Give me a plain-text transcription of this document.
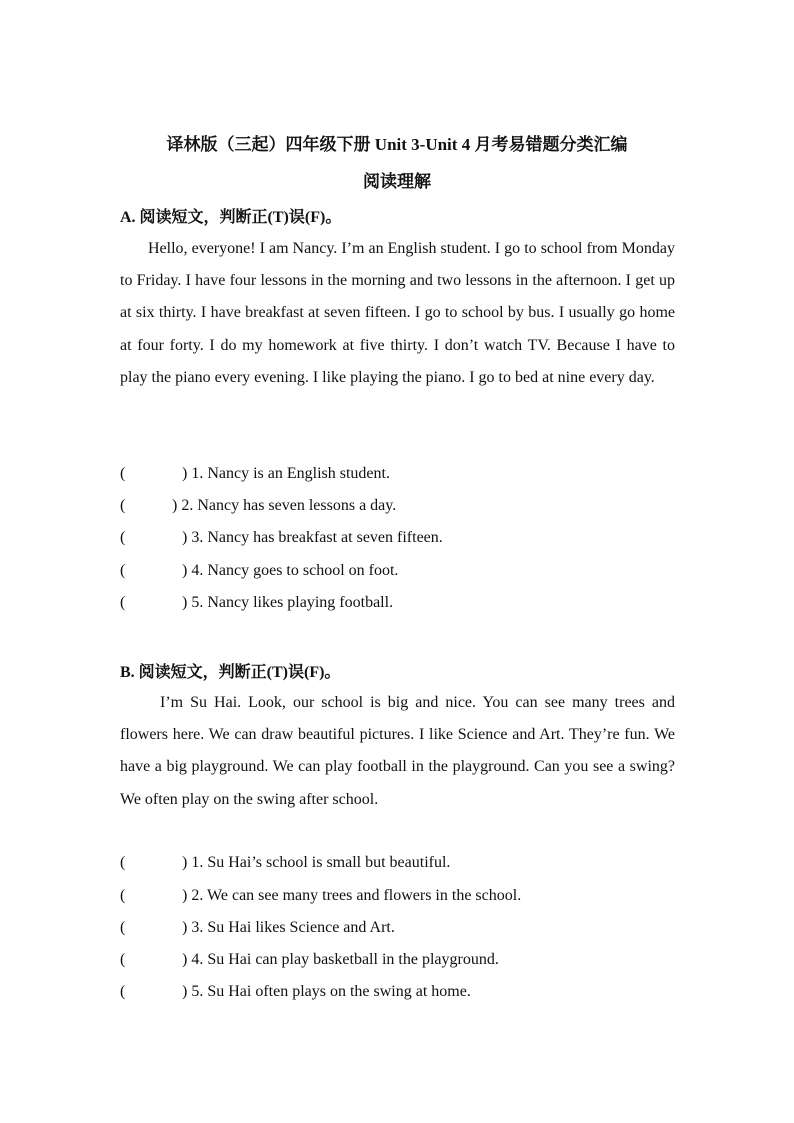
译林版（三起）四年级下册 Unit 3-Unit 4 月考易错题分类汇编
阅读理解
A. 阅读短文，判断正(T)误(F)。

Hello, everyone! I am Nancy. I’m an English student. I go to school from Monday to Friday. I have four lessons in the morning and two lessons in the afternoon. I get up at six thirty. I have breakfast at seven fifteen. I go to school by bus. I usually go home at four forty. I do my homework at five thirty. I don’t watch TV. Because I have to play the piano every evening. I like playing the piano. I go to bed at nine every day.

(	) 1. Nancy is an English student.
(	) 2. Nancy has seven lessons a day.
(	) 3. Nancy has breakfast at seven fifteen.
(	) 4. Nancy goes to school on foot.
(	) 5. Nancy likes playing football.
B. 阅读短文，判断正(T)误(F)。

I’m Su Hai. Look, our school is big and nice. You can see many trees and flowers here. We can draw beautiful pictures. I like Science and Art. They’re fun. We have a big playground. We can play football in the playground. Can you see a swing? We often play on the swing after school.

(	) 1. Su Hai’s school is small but beautiful.
(	) 2. We can see many trees and flowers in the school.
(	) 3. Su Hai likes Science and Art.
(	) 4. Su Hai can play basketball in the playground.
(	) 5. Su Hai often plays on the swing at home.
